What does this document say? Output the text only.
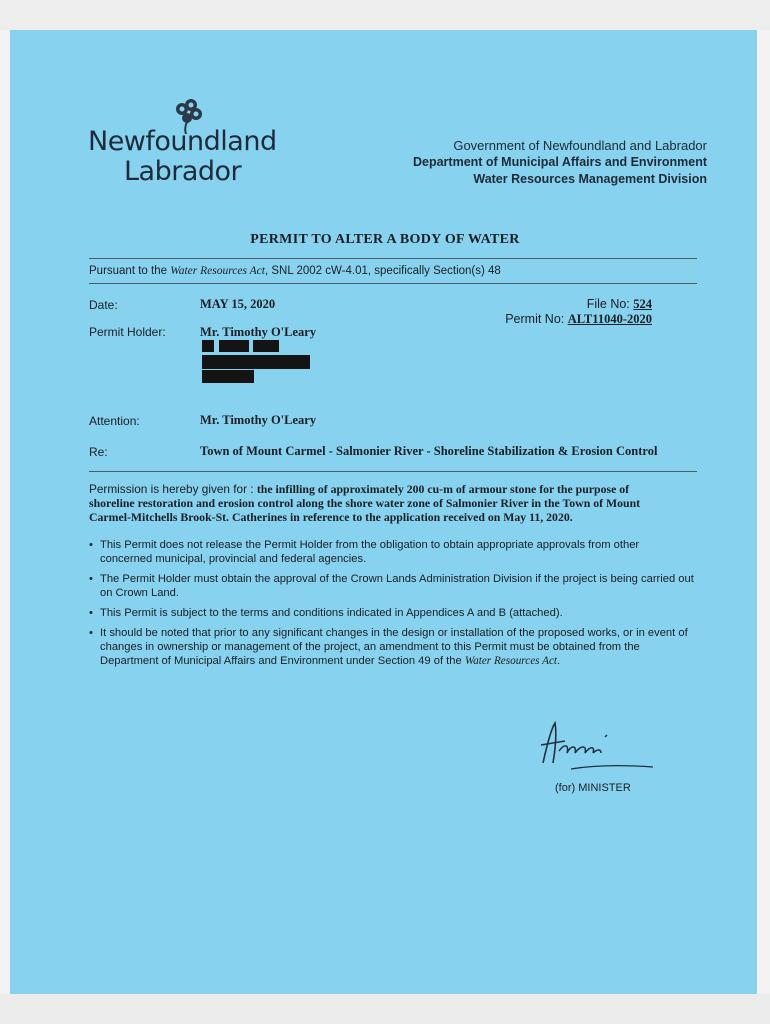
Newfoundland
Labrador
Government of Newfoundland and Labrador
Department of Municipal Affairs and Environment
Water Resources Management Division
PERMIT TO ALTER A BODY OF WATER
Pursuant to the Water Resources Act, SNL 2002 cW-4.01, specifically Section(s) 48
Date:	MAY 15, 2020	File No: 524
Permit No: ALT11040-2020
Permit Holder:	Mr. Timothy O'Leary
Attention:	Mr. Timothy O'Leary
Re:	Town of Mount Carmel - Salmonier River - Shoreline Stabilization & Erosion Control
Permission is hereby given for : the infilling of approximately 200 cu-m of armour stone for the purpose of shoreline restoration and erosion control along the shore water zone of Salmonier River in the Town of Mount Carmel-Mitchells Brook-St. Catherines in reference to the application received on May 11, 2020.
• This Permit does not release the Permit Holder from the obligation to obtain appropriate approvals from other concerned municipal, provincial and federal agencies.
• The Permit Holder must obtain the approval of the Crown Lands Administration Division if the project is being carried out on Crown Land.
• This Permit is subject to the terms and conditions indicated in Appendices A and B (attached).
• It should be noted that prior to any significant changes in the design or installation of the proposed works, or in event of changes in ownership or management of the project, an amendment to this Permit must be obtained from the Department of Municipal Affairs and Environment under Section 49 of the Water Resources Act.
(for) MINISTER
